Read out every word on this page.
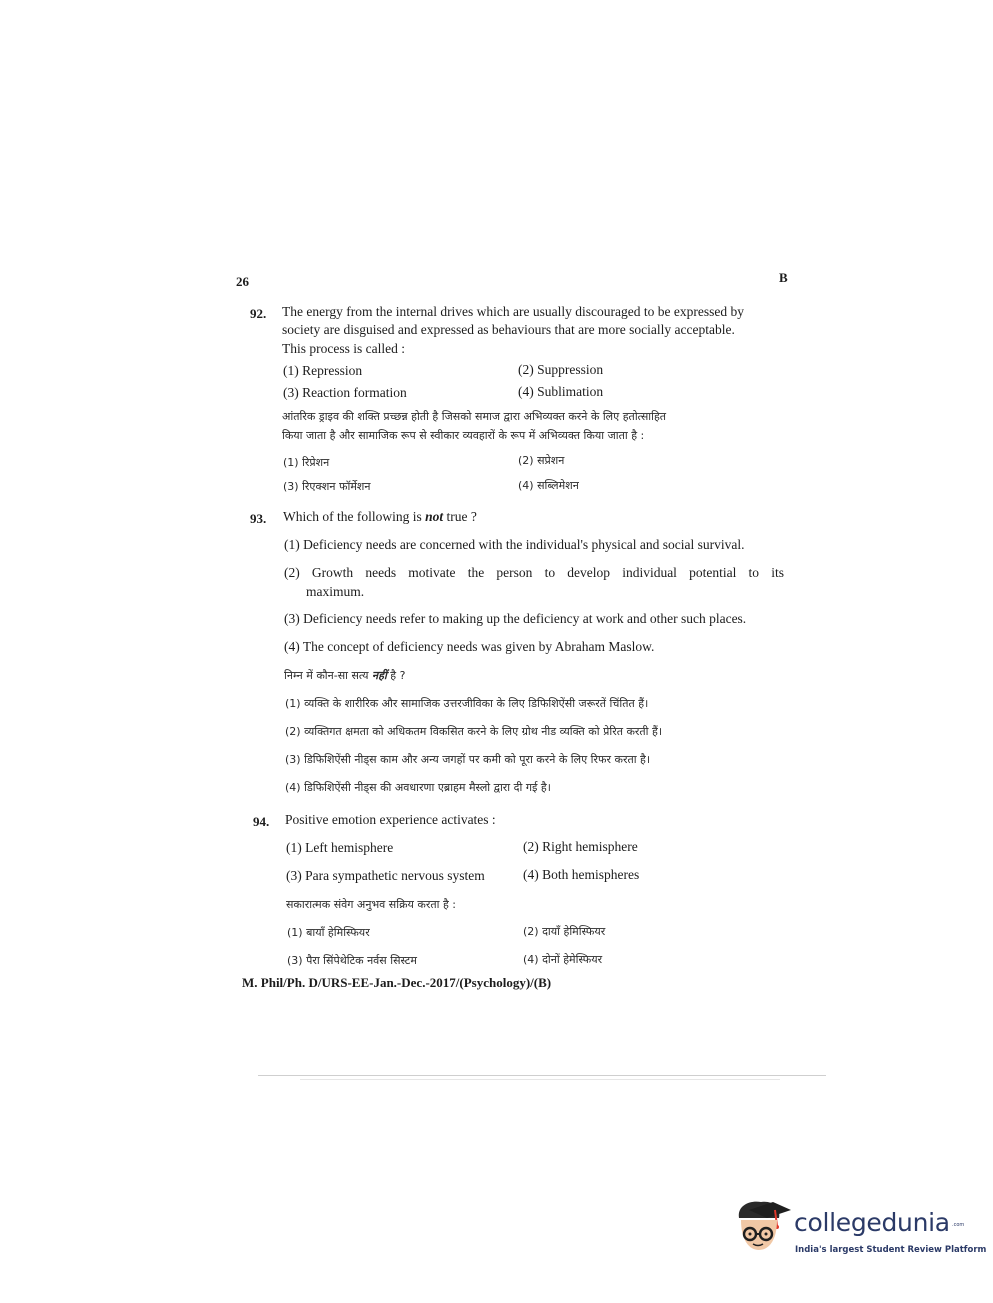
26	B
92. The energy from the internal drives which are usually discouraged to be expressed by
society are disguised and expressed as behaviours that are more socially acceptable.
This process is called :
(1) Repression	(2) Suppression
(3) Reaction formation	(4) Sublimation
आंतरिक ड्राइव की शक्ति प्रच्छन्न होती है जिसको समाज द्वारा अभिव्यक्त करने के लिए हतोत्साहित
किया जाता है और सामाजिक रूप से स्वीकार व्यवहारों के रूप में अभिव्यक्त किया जाता है :
(1) रिप्रेशन	(2) सप्रेशन
(3) रिएक्शन फॉर्मेशन	(4) सब्लिमेशन
93. Which of the following is not true ?
(1) Deficiency needs are concerned with the individual's physical and social survival.
(2) Growth needs motivate the person to develop individual potential to its
maximum.
(3) Deficiency needs refer to making up the deficiency at work and other such places.
(4) The concept of deficiency needs was given by Abraham Maslow.
निम्न में कौन-सा सत्य नहीं है ?
(1) व्यक्ति के शारीरिक और सामाजिक उत्तरजीविका के लिए डिफिशिऐंसी जरूरतें चिंतित हैं।
(2) व्यक्तिगत क्षमता को अधिकतम विकसित करने के लिए ग्रोथ नीड व्यक्ति को प्रेरित करती हैं।
(3) डिफिशिऐंसी नीड्स काम और अन्य जगहों पर कमी को पूरा करने के लिए रिफर करता है।
(4) डिफिशिऐंसी नीड्स की अवधारणा एब्राहम मैस्लो द्वारा दी गई है।
94. Positive emotion experience activates :
(1) Left hemisphere	(2) Right hemisphere
(3) Para sympathetic nervous system	(4) Both hemispheres
सकारात्मक संवेग अनुभव सक्रिय करता है :
(1) बायाँ हेमिस्फियर	(2) दायाँ हेमिस्फियर
(3) पैरा सिंपेथेटिक नर्वस सिस्टम	(4) दोनों हेमेस्फियर
M. Phil/Ph. D/URS-EE-Jan.-Dec.-2017/(Psychology)/(B)
collegedunia .com
India's largest Student Review Platform
